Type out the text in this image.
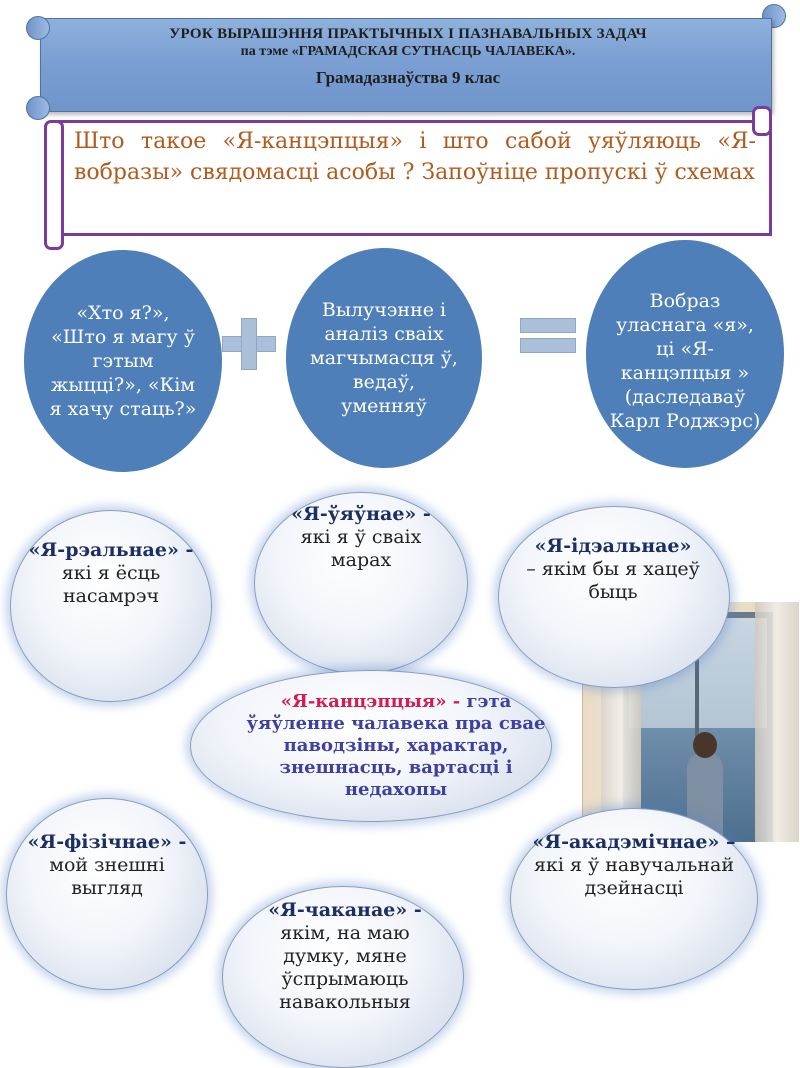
УРОК ВЫРАШЭННЯ ПРАКТЫЧНЫХ І ПАЗНАВАЛЬНЫХ ЗАДАЧ
па тэме «ГРАМАДСКАЯ СУТНАСЦЬ ЧАЛАВЕКА».
Грамадазнаўства 9 клас
Што такое «Я-канцэпцыя» і што сабой уяўляюць «Я-вобразы» свядомасці асобы ? Запоўніце пропускі ў схемах
«Хто я?», «Што я магу ў гэтым жыцці?», «Кім я хачу стаць?»
Вылучэнне і аналіз сваіх магчымасця ў, ведаў, уменняў
Вобраз уласнага «я», ці «Я-канцэпцыя » (даследаваў Карл Роджэрс)
«Я-рэальнае» -
які я ёсць насамрэч
«Я-ўяўнае» -
які я ў сваіх марах
«Я-ідэальнае»
– якім бы я хацеў быць
«Я-канцэпцыя» - гэта ўяўленне чалавека пра свае паводзіны, характар, знешнасць, вартасці і недахопы
«Я-фізічнае» -
мой знешні выгляд
«Я-чаканае» -
якім, на маю думку, мяне ўспрымаюць навакольныя
«Я-акадэмічнае» –
які я ў навучальнай дзейнасці
